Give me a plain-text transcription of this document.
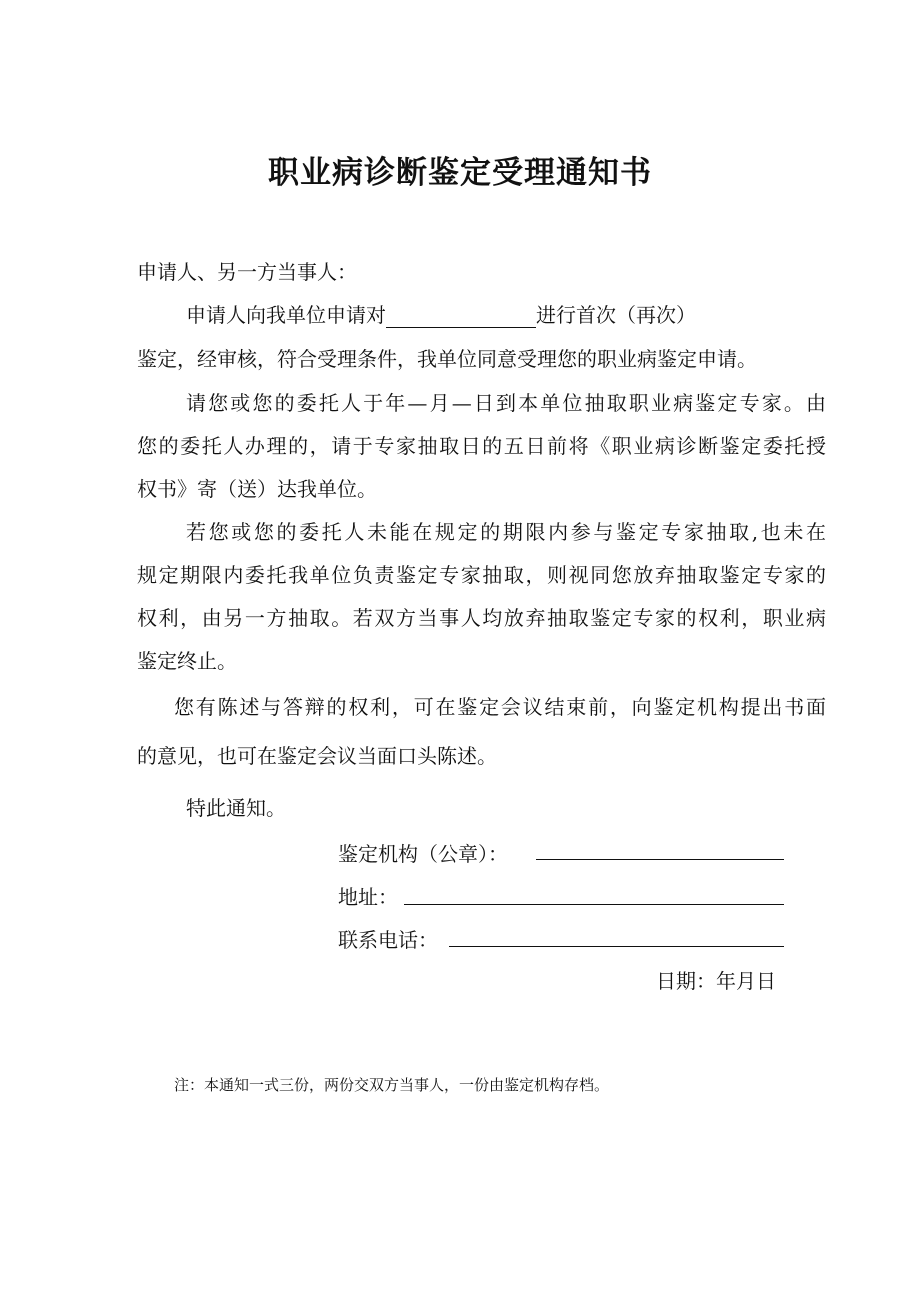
职业病诊断鉴定受理通知书
申请人、另一方当事人：
申请人向我单位申请对	进行首次（再次）
鉴定，经审核，符合受理条件，我单位同意受理您的职业病鉴定申请。
请您或您的委托人于年—月—日到本单位抽取职业病鉴定专家。由
您的委托人办理的，请于专家抽取日的五日前将《职业病诊断鉴定委托授
权书》寄（送）达我单位。
若您或您的委托人未能在规定的期限内参与鉴定专家抽取,也未在
规定期限内委托我单位负责鉴定专家抽取，则视同您放弃抽取鉴定专家的
权利，由另一方抽取。若双方当事人均放弃抽取鉴定专家的权利，职业病
鉴定终止。
您有陈述与答辩的权利，可在鉴定会议结束前，向鉴定机构提出书面
的意见，也可在鉴定会议当面口头陈述。
特此通知。
鉴定机构（公章）：
地址：
联系电话：
日期：年月日
注：本通知一式三份，两份交双方当事人，一份由鉴定机构存档。
